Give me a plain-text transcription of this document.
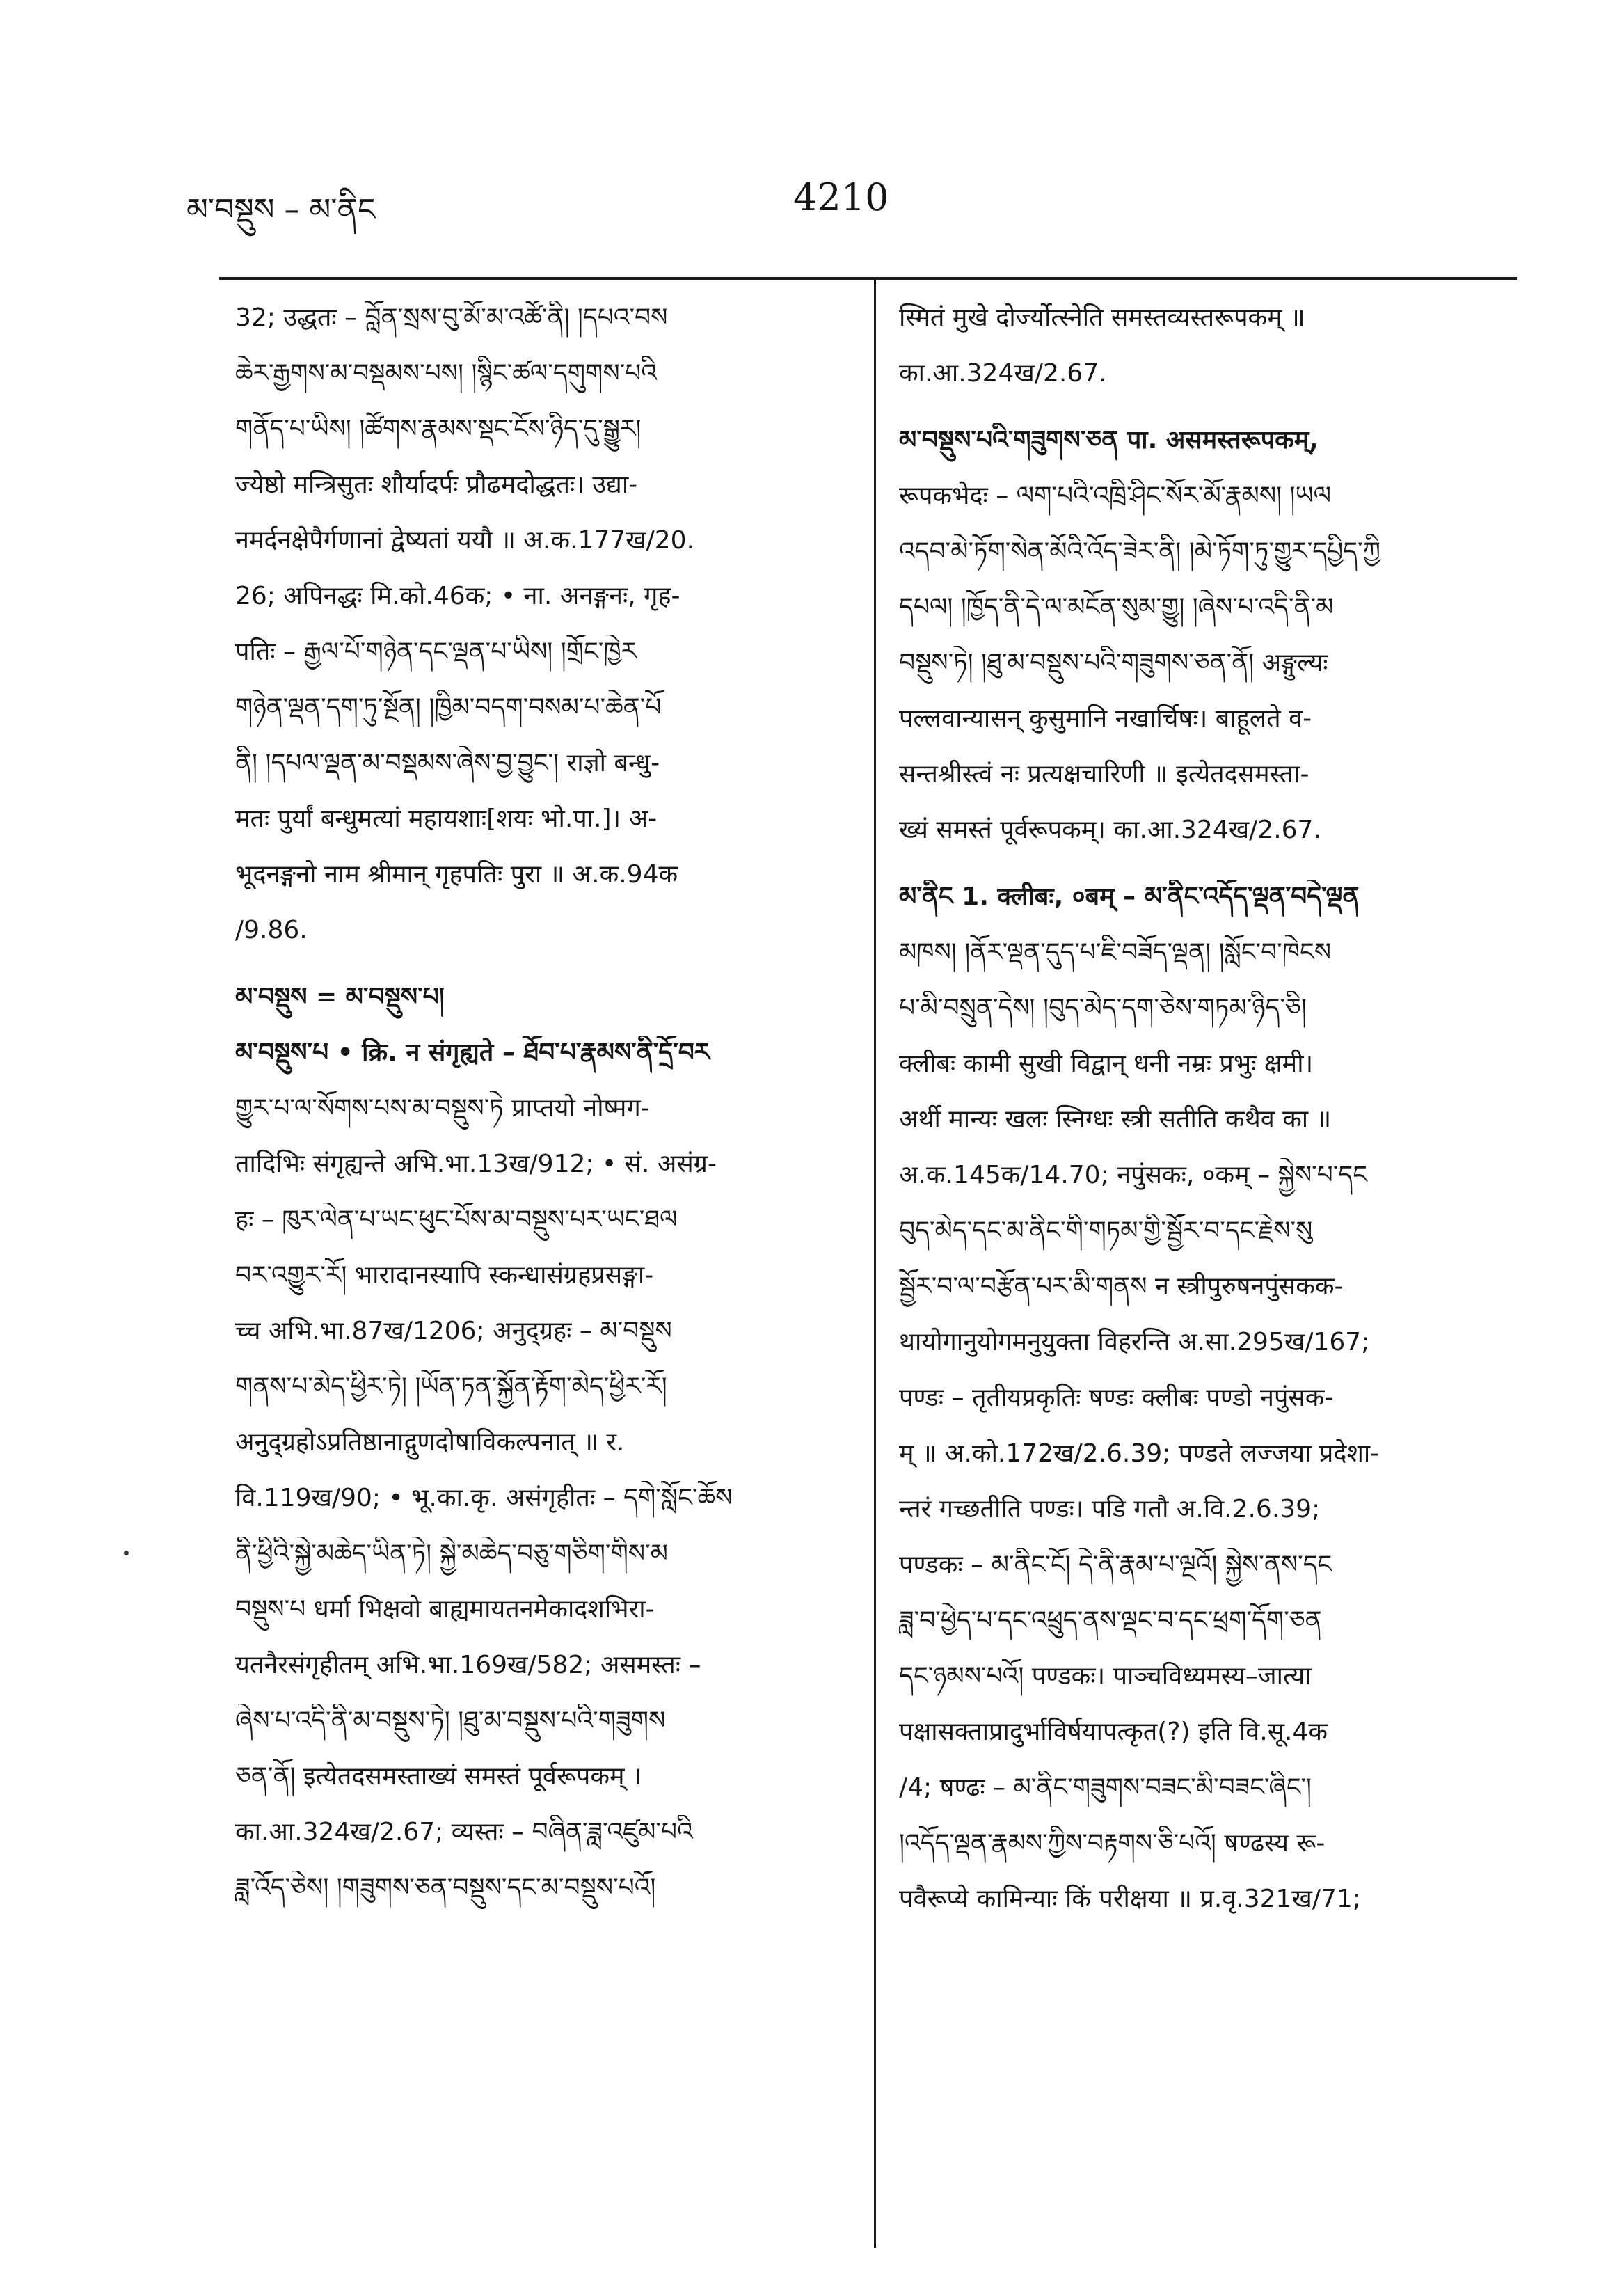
མ་བསྡུས – མ་ནིང	4210
32; उद्धतः – བློན་སྲས་བུ་མོ་མ་འཚོ་ནི། །དཔའ་བས
ཆེར་རྒྱགས་མ་བསྡམས་པས། །སྙིང་ཚལ་དགུགས་པའི
གནོད་པ་ཡིས། །ཚོགས་རྣམས་སྡང་ངོས་ཉིད་དུ་སྒྱུར།
ज्येष्ठो मन्त्रिसुतः शौर्यादर्पः प्रौढमदोद्धतः। उद्या-
नमर्दनक्षेपैर्गणानां द्वेष्यतां ययौ ॥ अ.क.177ख/20.
26; अपिनद्धः मि.को.46क; • ना. अनङ्गनः, गृह-
पतिः – རྒྱལ་པོ་གཉེན་དང་ལྡན་པ་ཡིས། །གྲོང་ཁྱེར
གཉེན་ལྡན་དག་ཏུ་སྔོན། །ཁྱིམ་བདག་བསམ་པ་ཆེན་པོ
ནི། །དཔལ་ལྡན་མ་བསྡམས་ཞེས་བྱ་བྱུང་། राज्ञो बन्धु-
मतः पुर्यां बन्धुमत्यां महायशाः[शयः भो.पा.]। अ-
भूदनङ्गनो नाम श्रीमान् गृहपतिः पुरा ॥ अ.क.94क
/9.86.
མ་བསྡུས = མ་བསྡུས་པ།
མ་བསྡུས་པ • क्रि. न संगृह्यते – ཐོབ་པ་རྣམས་ནི་དྲོ་བར
གྱུར་པ་ལ་སོགས་པས་མ་བསྡུས་ཏེ प्राप्तयो नोष्मग-
तादिभिः संगृह्यन्ते अभि.भा.13ख/912; • सं. असंग्र-
हः – ཁུར་ལེན་པ་ཡང་ཕུང་པོས་མ་བསྡུས་པར་ཡང་ཐལ
བར་འགྱུར་རོ། भारादानस्यापि स्कन्धासंग्रहप्रसङ्गा-
च्च अभि.भा.87ख/1206; अनुद्ग्रहः – མ་བསྡུས
གནས་པ་མེད་ཕྱིར་ཏེ། །ཡོན་ཏན་སྐྱོན་རྟོག་མེད་ཕྱིར་རོ།
अनुद्ग्रहोऽप्रतिष्ठानाद्गुणदोषाविकल्पनात् ॥ र.
वि.119ख/90; • भू.का.कृ. असंगृहीतः – དགེ་སློང་ཆོས
ནི་ཕྱིའི་སྐྱེ་མཆེད་ཡིན་ཏེ། སྐྱེ་མཆེད་བཅུ་གཅིག་གིས་མ
བསྡུས་པ धर्मा भिक्षवो बाह्यमायतनमेकादशभिरा-
यतनैरसंगृहीतम् अभि.भा.169ख/582; असमस्तः –
ཞེས་པ་འདི་ནི་མ་བསྡུས་ཏེ། །ཐུ་མ་བསྡུས་པའི་གཟུགས
ཅན་ནོ། इत्येतदसमस्ताख्यं समस्तं पूर्वरूपकम् ।
का.आ.324ख/2.67; व्यस्तः – བཞིན་ཟླ་འཛུམ་པའི
ཟླ་འོད་ཅེས། །གཟུགས་ཅན་བསྡུས་དང་མ་བསྡུས་པའོ།
स्मितं मुखे दोर्ज्योत्स्नेति समस्तव्यस्तरूपकम् ॥
का.आ.324ख/2.67.
མ་བསྡུས་པའི་གཟུགས་ཅན पा. असमस्तरूपकम्,
रूपकभेदः – ལག་པའི་འཁྲི་ཤིང་སོར་མོ་རྣམས། །ཡལ
འདབ་མེ་ཏོག་སེན་མོའི་འོད་ཟེར་ནི། །མེ་ཏོག་ཏུ་གྱུར་དཔྱིད་ཀྱི
དཔལ། །ཁྱོད་ནི་དེ་ལ་མངོན་སུམ་གྱུ། །ཞེས་པ་འདི་ནི་མ
བསྡུས་ཏེ། །ཐུ་མ་བསྡུས་པའི་གཟུགས་ཅན་ནོ། अङ्गुल्यः
पल्लवान्यासन् कुसुमानि नखार्चिषः। बाहूलते व-
सन्तश्रीस्त्वं नः प्रत्यक्षचारिणी ॥ इत्येतदसमस्ता-
ख्यं समस्तं पूर्वरूपकम्। का.आ.324ख/2.67.
མ་ནིང 1. क्लीबः, ०बम् – མ་ནིང་འདོད་ལྡན་བདེ་ལྡན
མཁས། །ནོར་ལྡན་དུད་པ་ཇི་བཟོད་ལྡན། །སློང་བ་ཁེངས
པ་མི་བསྲུན་དེས། །བུད་མེད་དག་ཅེས་གཏམ་ཉིད་ཅི།
क्लीबः कामी सुखी विद्वान् धनी नम्रः प्रभुः क्षमी।
अर्थी मान्यः खलः स्निग्धः स्त्री सतीति कथैव का ॥
अ.क.145क/14.70; नपुंसकः, ०कम् – སྐྱེས་པ་དང
བུད་མེད་དང་མ་ནིང་གི་གཏམ་གྱི་སྦྱོར་བ་དང་རྗེས་སུ
སྦྱོར་བ་ལ་བརྩོན་པར་མི་གནས न स्त्रीपुरुषनपुंसकक-
थायोगानुयोगमनुयुक्ता विहरन्ति अ.सा.295ख/167;
पण्डः – तृतीयप्रकृतिः षण्डः क्लीबः पण्डो नपुंसक-
म् ॥ अ.को.172ख/2.6.39; पण्डते लज्जया प्रदेशा-
न्तरं गच्छतीति पण्डः। पडि गतौ अ.वि.2.6.39;
पण्डकः – མ་ནིང་ངོ། དེ་ནི་རྣམ་པ་ལྔའོ། སྐྱེས་ནས་དང
ཟླ་བ་ཕྱེད་པ་དང་འཕྲུད་ནས་ལྡང་བ་དང་ཕྲག་དོག་ཅན
དང་ཉམས་པའོ། पण्डकः। पाञ्चविध्यमस्य–जात्या
पक्षासक्ताप्रादुर्भाविर्षयापत्कृत(?) इति वि.सू.4क
/4; षण्ढः – མ་ནིང་གཟུགས་བཟང་མི་བཟང་ཞིང་།
།འདོད་ལྡན་རྣམས་ཀྱིས་བརྟགས་ཅི་པའོ། षण्ढस्य रू-
पवैरूप्ये कामिन्याः किं परीक्षया ॥ प्र.वृ.321ख/71;
